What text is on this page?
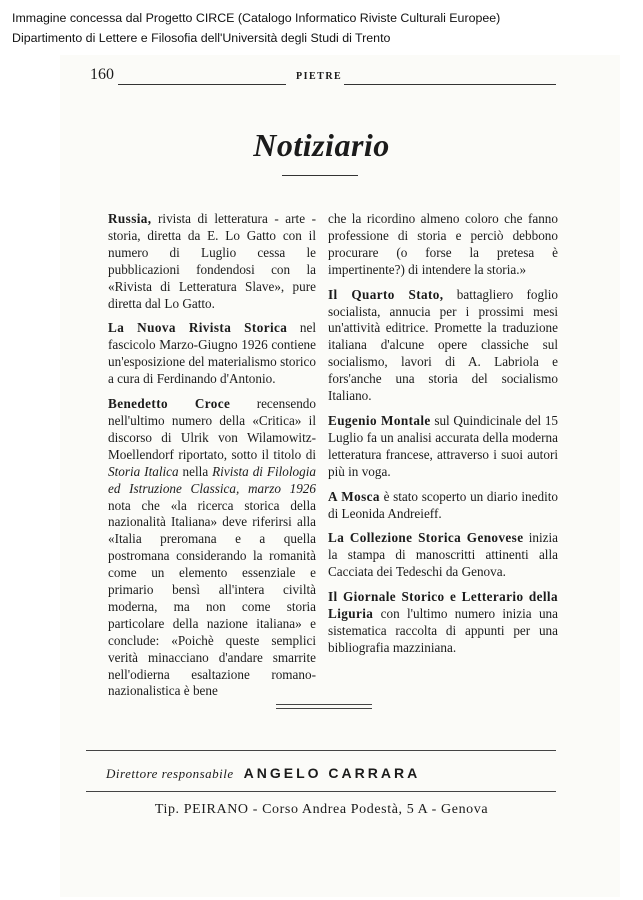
Immagine concessa dal Progetto CIRCE (Catalogo Informatico Riviste Culturali Europee)
Dipartimento di Lettere e Filosofia dell'Università degli Studi di Trento
160	PIETRE
Notiziario

Russia, rivista di letteratura - arte - storia, diretta da E. Lo Gatto con il numero di Luglio cessa le pubblicazioni fondendosi con la «Rivista di Letteratura Slave», pure diretta dal Lo Gatto.

La Nuova Rivista Storica nel fascicolo Marzo-Giugno 1926 contiene un'esposizione del materialismo storico a cura di Ferdinando d'Antonio.

Benedetto Croce recensendo nell'ultimo numero della «Critica» il discorso di Ulrik von Wilamowitz-Moellendorf riportato, sotto il titolo di Storia Italica nella Rivista di Filologia ed Istruzione Classica, marzo 1926 nota che «la ricerca storica della nazionalità Italiana» deve riferirsi alla «Italia preromana e a quella postromana considerando la romanità come un elemento essenziale e primario bensì all'intera civiltà moderna, ma non come storia particolare della nazione italiana» e conclude: «Poichè queste semplici verità minacciano d'andare smarrite nell'odierna esaltazione romano-nazionalistica è bene

che la ricordino almeno coloro che fanno professione di storia e perciò debbono procurare (o forse la pretesa è impertinente?) di intendere la storia.»

Il Quarto Stato, battagliero foglio socialista, annucia per i prossimi mesi un'attività editrice. Promette la traduzione italiana d'alcune opere classiche sul socialismo, lavori di A. Labriola e fors'anche una storia del socialismo Italiano.

Eugenio Montale sul Quindicinale del 15 Luglio fa un analisi accurata della moderna letteratura francese, attraverso i suoi autori più in voga.

A Mosca è stato scoperto un diario inedito di Leonida Andreieff.

La Collezione Storica Genovese inizia la stampa di manoscritti attinenti alla Cacciata dei Tedeschi da Genova.

Il Giornale Storico e Letterario della Liguria con l'ultimo numero inizia una sistematica raccolta di appunti per una bibliografia mazziniana.

Direttore responsabile ANGELO CARRARA
Tip. PEIRANO - Corso Andrea Podestà, 5 A - Genova
